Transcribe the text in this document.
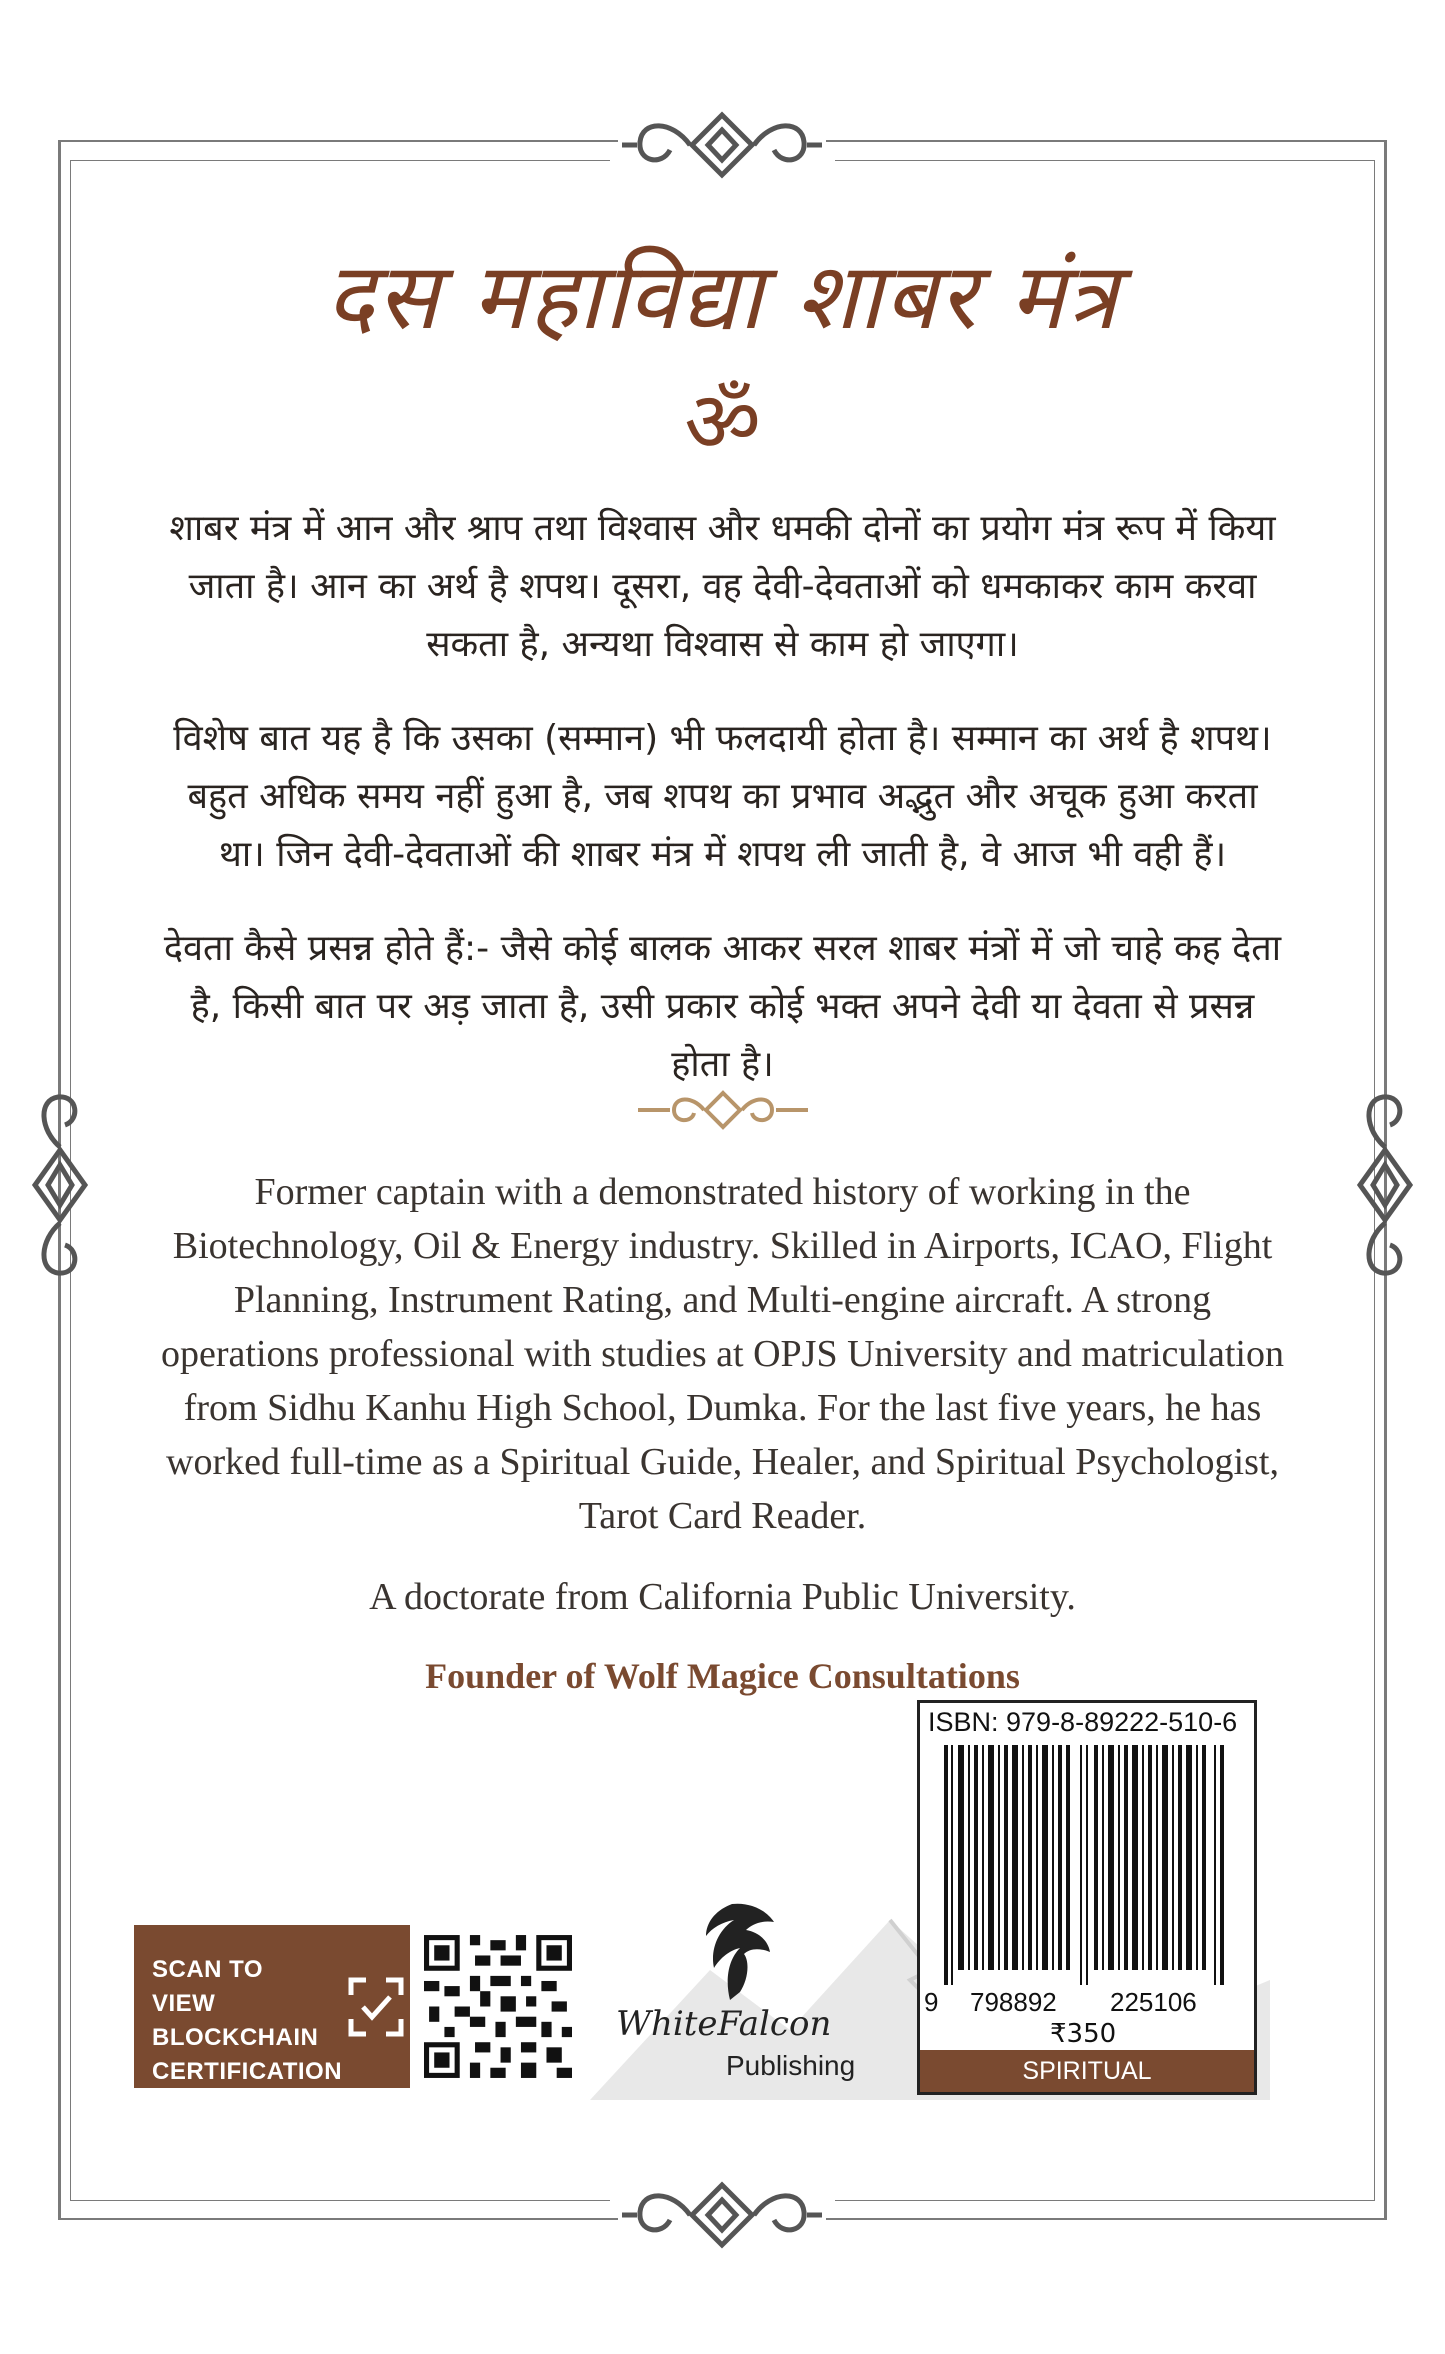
दस महाविद्या शाबर मंत्र
ॐ
शाबर मंत्र में आन और श्राप तथा विश्वास और धमकी दोनों का प्रयोग मंत्र रूप में किया जाता है। आन का अर्थ है शपथ। दूसरा, वह देवी-देवताओं को धमकाकर काम करवा सकता है, अन्यथा विश्वास से काम हो जाएगा।
विशेष बात यह है कि उसका (सम्मान) भी फलदायी होता है। सम्मान का अर्थ है शपथ। बहुत अधिक समय नहीं हुआ है, जब शपथ का प्रभाव अद्भुत और अचूक हुआ करता था। जिन देवी-देवताओं की शाबर मंत्र में शपथ ली जाती है, वे आज भी वही हैं।
देवता कैसे प्रसन्न होते हैं:- जैसे कोई बालक आकर सरल शाबर मंत्रों में जो चाहे कह देता है, किसी बात पर अड़ जाता है, उसी प्रकार कोई भक्त अपने देवी या देवता से प्रसन्न होता है।
Former captain with a demonstrated history of working in the Biotechnology, Oil & Energy industry. Skilled in Airports, ICAO, Flight Planning, Instrument Rating, and Multi-engine aircraft. A strong operations professional with studies at OPJS University and matriculation from Sidhu Kanhu High School, Dumka. For the last five years, he has worked full-time as a Spiritual Guide, Healer, and Spiritual Psychologist, Tarot Card Reader.
A doctorate from California Public University.
Founder of Wolf Magice Consultations
SCAN TO VIEW
BLOCKCHAIN
CERTIFICATION
WhiteFalcon
Publishing
ISBN: 979-8-89222-510-6
9 798892 225106
₹350
SPIRITUAL
